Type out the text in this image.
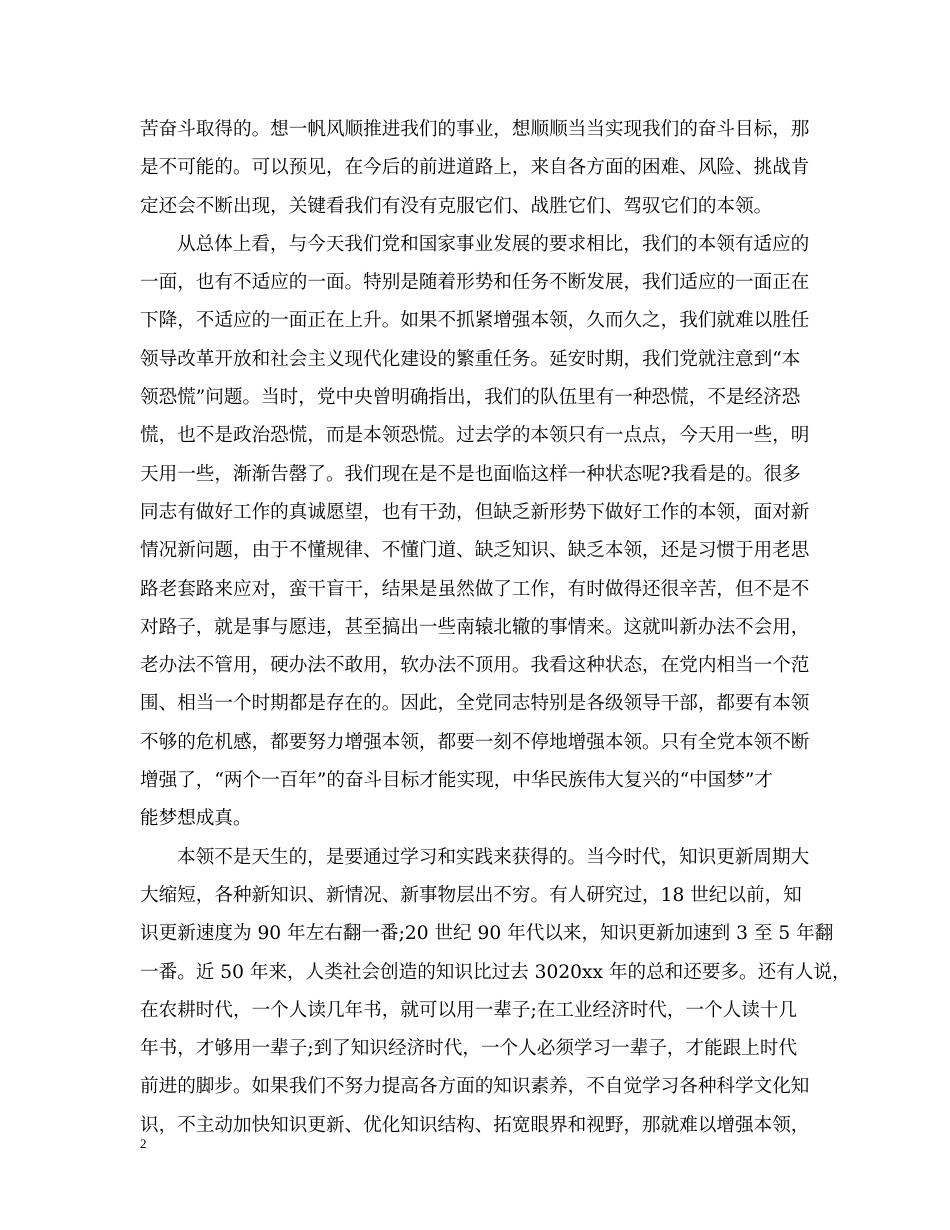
苦奋斗取得的。想一帆风顺推进我们的事业，想顺顺当当实现我们的奋斗目标，那
是不可能的。可以预见，在今后的前进道路上，来自各方面的困难、风险、挑战肯
定还会不断出现，关键看我们有没有克服它们、战胜它们、驾驭它们的本领。
从总体上看，与今天我们党和国家事业发展的要求相比，我们的本领有适应的
一面，也有不适应的一面。特别是随着形势和任务不断发展，我们适应的一面正在
下降，不适应的一面正在上升。如果不抓紧增强本领，久而久之，我们就难以胜任
领导改革开放和社会主义现代化建设的繁重任务。延安时期，我们党就注意到“本
领恐慌”问题。当时，党中央曾明确指出，我们的队伍里有一种恐慌，不是经济恐
慌，也不是政治恐慌，而是本领恐慌。过去学的本领只有一点点，今天用一些，明
天用一些，渐渐告罄了。我们现在是不是也面临这样一种状态呢?我看是的。很多
同志有做好工作的真诚愿望，也有干劲，但缺乏新形势下做好工作的本领，面对新
情况新问题，由于不懂规律、不懂门道、缺乏知识、缺乏本领，还是习惯于用老思
路老套路来应对，蛮干盲干，结果是虽然做了工作，有时做得还很辛苦，但不是不
对路子，就是事与愿违，甚至搞出一些南辕北辙的事情来。这就叫新办法不会用，
老办法不管用，硬办法不敢用，软办法不顶用。我看这种状态，在党内相当一个范
围、相当一个时期都是存在的。因此，全党同志特别是各级领导干部，都要有本领
不够的危机感，都要努力增强本领，都要一刻不停地增强本领。只有全党本领不断
增强了，“两个一百年”的奋斗目标才能实现，中华民族伟大复兴的“中国梦”才
能梦想成真。
本领不是天生的，是要通过学习和实践来获得的。当今时代，知识更新周期大
大缩短，各种新知识、新情况、新事物层出不穷。有人研究过，18 世纪以前，知
识更新速度为 90 年左右翻一番;20 世纪 90 年代以来，知识更新加速到 3 至 5 年翻
一番。近 50 年来，人类社会创造的知识比过去 3020xx 年的总和还要多。还有人说，
在农耕时代，一个人读几年书，就可以用一辈子;在工业经济时代，一个人读十几
年书，才够用一辈子;到了知识经济时代，一个人必须学习一辈子，才能跟上时代
前进的脚步。如果我们不努力提高各方面的知识素养，不自觉学习各种科学文化知
识，不主动加快知识更新、优化知识结构、拓宽眼界和视野，那就难以增强本领，
2
